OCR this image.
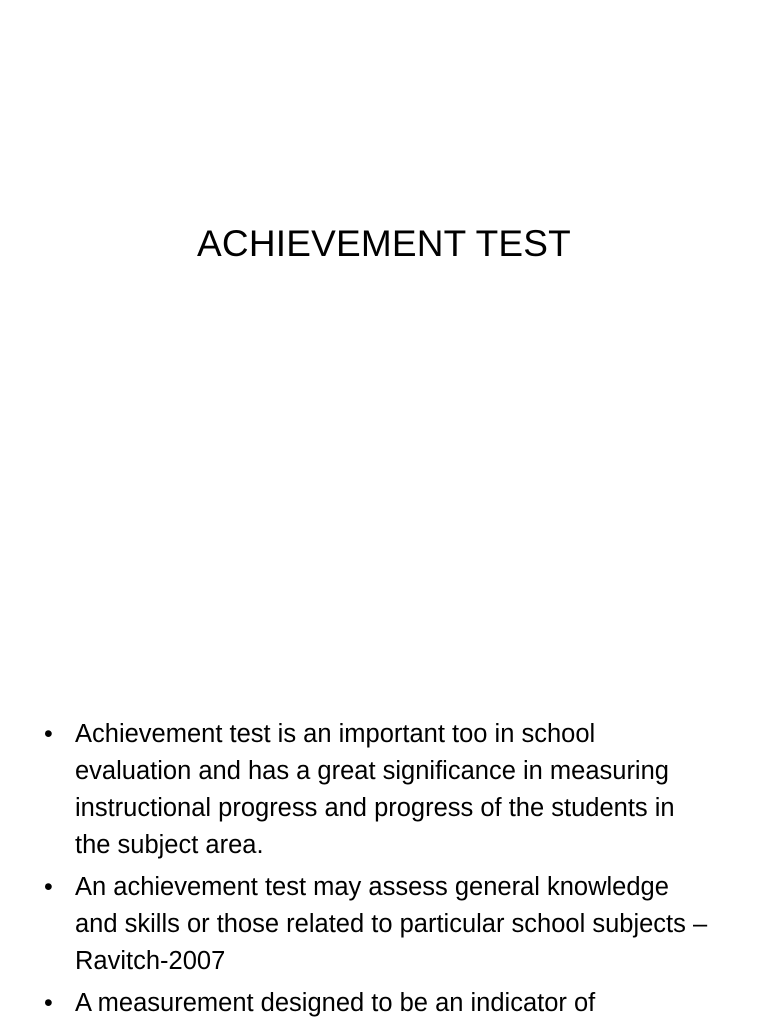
ACHIEVEMENT TEST
• Achievement test is an important too in school evaluation and has a great significance in measuring instructional progress and progress of the students in the subject area.
• An achievement test may assess general knowledge and skills or those related to particular school subjects – Ravitch-2007
• A measurement designed to be an indicator of
